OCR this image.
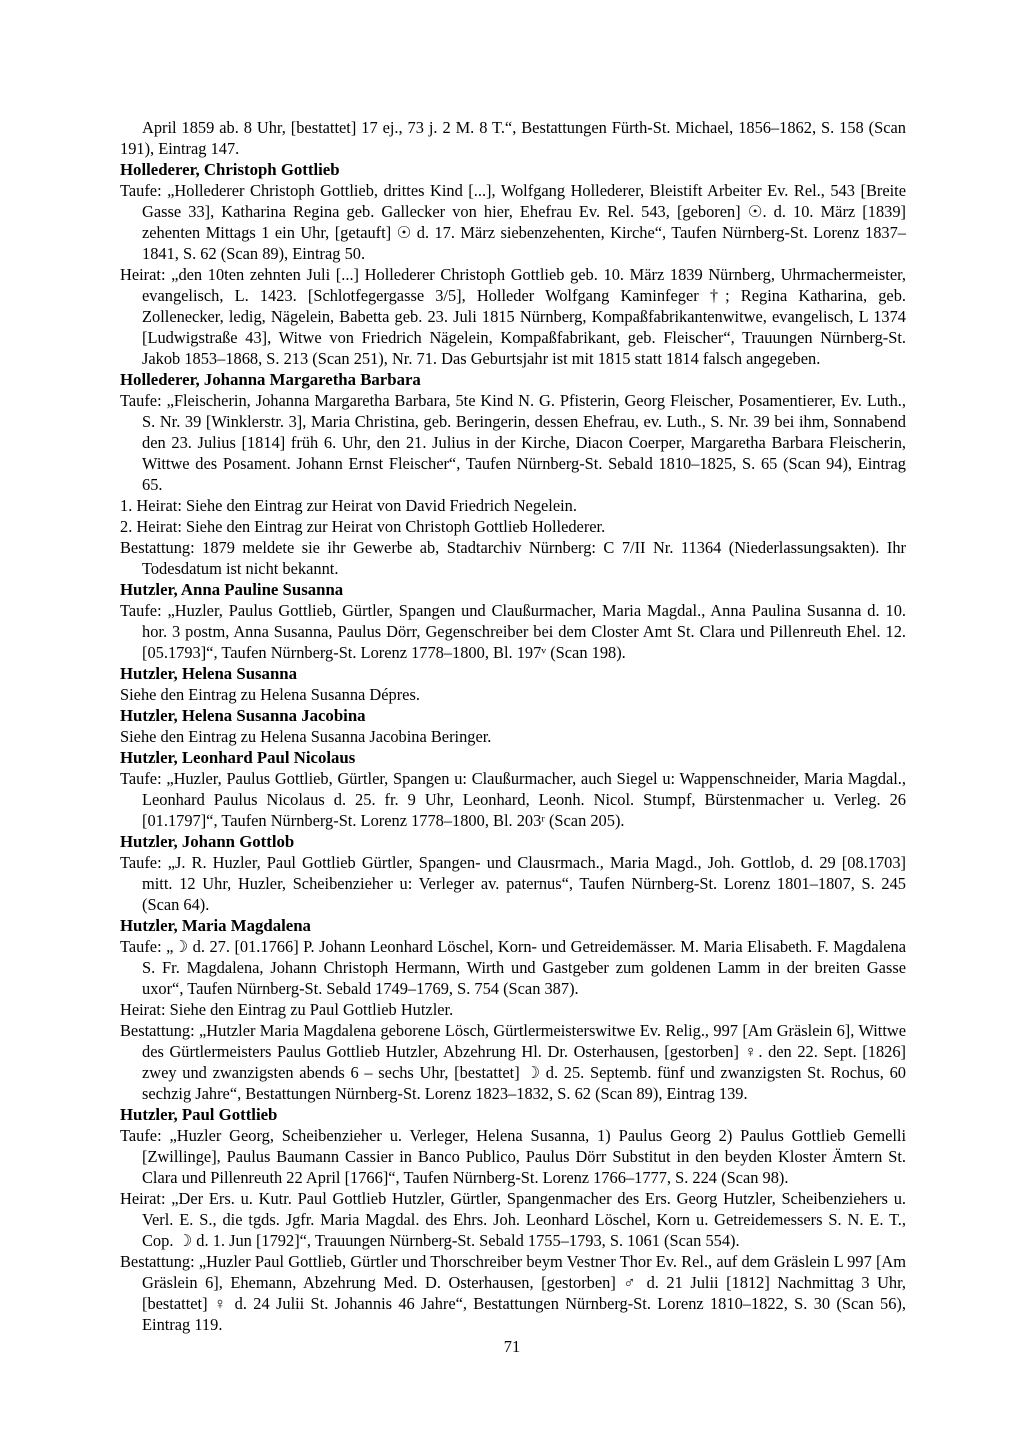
April 1859 ab. 8 Uhr, [bestattet] 17 ej., 73 j. 2 M. 8 T.“, Bestattungen Fürth-St. Michael, 1856–1862, S. 158 (Scan 191), Eintrag 147.

Hollederer, Christoph Gottlieb

Taufe: „Hollederer Christoph Gottlieb, drittes Kind [...], Wolfgang Hollederer, Bleistift Arbeiter Ev. Rel., 543 [Breite Gasse 33], Katharina Regina geb. Gallecker von hier, Ehefrau Ev. Rel. 543, [geboren] ☉. d. 10. März [1839] zehenten Mittags 1 ein Uhr, [getauft] ☉ d. 17. März siebenzehenten, Kirche“, Taufen Nürnberg-St. Lorenz 1837–1841, S. 62 (Scan 89), Eintrag 50.

Heirat: „den 10ten zehnten Juli [...] Hollederer Christoph Gottlieb geb. 10. März 1839 Nürnberg, Uhrmachermeister, evangelisch, L. 1423. [Schlotfegergasse 3/5], Holleder Wolfgang Kaminfeger †; Regina Katharina, geb. Zollenecker, ledig, Nägelein, Babetta geb. 23. Juli 1815 Nürnberg, Kompaßfabrikantenwitwe, evangelisch, L 1374 [Ludwigstraße 43], Witwe von Friedrich Nägelein, Kompaßfabrikant, geb. Fleischer“, Trauungen Nürnberg-St. Jakob 1853–1868, S. 213 (Scan 251), Nr. 71. Das Geburtsjahr ist mit 1815 statt 1814 falsch angegeben.

Hollederer, Johanna Margaretha Barbara

Taufe: „Fleischerin, Johanna Margaretha Barbara, 5te Kind N. G. Pfisterin, Georg Fleischer, Posamentierer, Ev. Luth., S. Nr. 39 [Winklerstr. 3], Maria Christina, geb. Beringerin, dessen Ehefrau, ev. Luth., S. Nr. 39 bei ihm, Sonnabend den 23. Julius [1814] früh 6. Uhr, den 21. Julius in der Kirche, Diacon Coerper, Margaretha Barbara Fleischerin, Wittwe des Posament. Johann Ernst Fleischer“, Taufen Nürnberg-St. Sebald 1810–1825, S. 65 (Scan 94), Eintrag 65.

1. Heirat: Siehe den Eintrag zur Heirat von David Friedrich Negelein.

2. Heirat: Siehe den Eintrag zur Heirat von Christoph Gottlieb Hollederer.

Bestattung: 1879 meldete sie ihr Gewerbe ab, Stadtarchiv Nürnberg: C 7/II Nr. 11364 (Niederlassungsakten). Ihr Todesdatum ist nicht bekannt.

Hutzler, Anna Pauline Susanna

Taufe: „Huzler, Paulus Gottlieb, Gürtler, Spangen und Claußurmacher, Maria Magdal., Anna Paulina Susanna d. 10. hor. 3 postm, Anna Susanna, Paulus Dörr, Gegenschreiber bei dem Closter Amt St. Clara und Pillenreuth Ehel. 12. [05.1793]“, Taufen Nürnberg-St. Lorenz 1778–1800, Bl. 197ᵛ (Scan 198).

Hutzler, Helena Susanna

Siehe den Eintrag zu Helena Susanna Dépres.

Hutzler, Helena Susanna Jacobina

Siehe den Eintrag zu Helena Susanna Jacobina Beringer.

Hutzler, Leonhard Paul Nicolaus

Taufe: „Huzler, Paulus Gottlieb, Gürtler, Spangen u: Claußurmacher, auch Siegel u: Wappenschneider, Maria Magdal., Leonhard Paulus Nicolaus d. 25. fr. 9 Uhr, Leonhard, Leonh. Nicol. Stumpf, Bürstenmacher u. Verleg. 26 [01.1797]“, Taufen Nürnberg-St. Lorenz 1778–1800, Bl. 203ʳ (Scan 205).

Hutzler, Johann Gottlob

Taufe: „J. R. Huzler, Paul Gottlieb Gürtler, Spangen- und Clausrmach., Maria Magd., Joh. Gottlob, d. 29 [08.1703] mitt. 12 Uhr, Huzler, Scheibenzieher u: Verleger av. paternus“, Taufen Nürnberg-St. Lorenz 1801–1807, S. 245 (Scan 64).

Hutzler, Maria Magdalena

Taufe: „☽ d. 27. [01.1766] P. Johann Leonhard Löschel, Korn- und Getreidemässer. M. Maria Elisabeth. F. Magdalena S. Fr. Magdalena, Johann Christoph Hermann, Wirth und Gastgeber zum goldenen Lamm in der breiten Gasse uxor“, Taufen Nürnberg-St. Sebald 1749–1769, S. 754 (Scan 387).

Heirat: Siehe den Eintrag zu Paul Gottlieb Hutzler.

Bestattung: „Hutzler Maria Magdalena geborene Lösch, Gürtlermeisterswitwe Ev. Relig., 997 [Am Gräslein 6], Wittwe des Gürtlermeisters Paulus Gottlieb Hutzler, Abzehrung Hl. Dr. Osterhausen, [gestorben] ♀. den 22. Sept. [1826] zwey und zwanzigsten abends 6 – sechs Uhr, [bestattet] ☽ d. 25. Septemb. fünf und zwanzigsten St. Rochus, 60 sechzig Jahre“, Bestattungen Nürnberg-St. Lorenz 1823–1832, S. 62 (Scan 89), Eintrag 139.

Hutzler, Paul Gottlieb

Taufe: „Huzler Georg, Scheibenzieher u. Verleger, Helena Susanna, 1) Paulus Georg 2) Paulus Gottlieb Gemelli [Zwillinge], Paulus Baumann Cassier in Banco Publico, Paulus Dörr Substitut in den beyden Kloster Ämtern St. Clara und Pillenreuth 22 April [1766]“, Taufen Nürnberg-St. Lorenz 1766–1777, S. 224 (Scan 98).

Heirat: „Der Ers. u. Kutr. Paul Gottlieb Hutzler, Gürtler, Spangenmacher des Ers. Georg Hutzler, Scheibenziehers u. Verl. E. S., die tgds. Jgfr. Maria Magdal. des Ehrs. Joh. Leonhard Löschel, Korn u. Getreidemessers S. N. E. T., Cop. ☽ d. 1. Jun [1792]“, Trauungen Nürnberg-St. Sebald 1755–1793, S. 1061 (Scan 554).

Bestattung: „Huzler Paul Gottlieb, Gürtler und Thorschreiber beym Vestner Thor Ev. Rel., auf dem Gräslein L 997 [Am Gräslein 6], Ehemann, Abzehrung Med. D. Osterhausen, [gestorben] ♂ d. 21 Julii [1812] Nachmittag 3 Uhr, [bestattet] ♀ d. 24 Julii St. Johannis 46 Jahre“, Bestattungen Nürnberg-St. Lorenz 1810–1822, S. 30 (Scan 56), Eintrag 119.

71
